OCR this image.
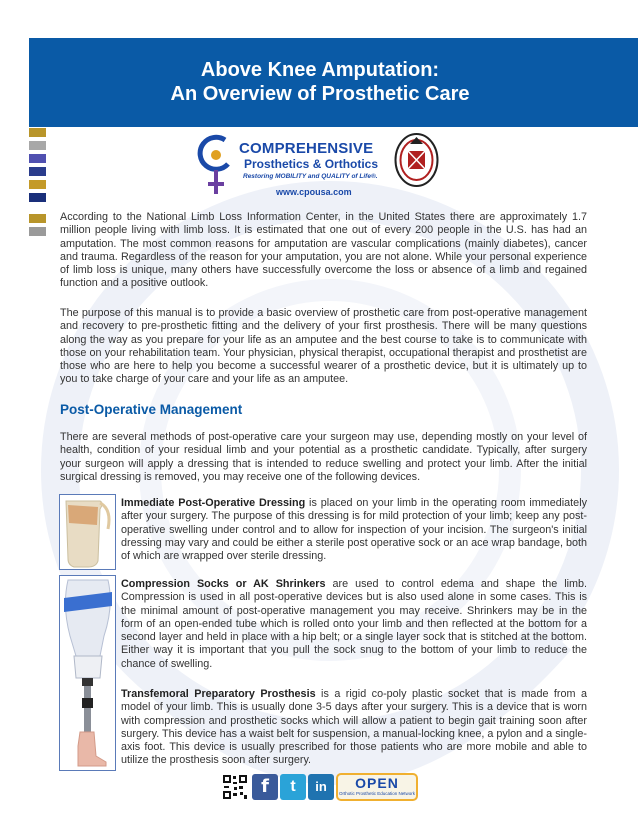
Above Knee Amputation:
An Overview of Prosthetic Care
COMPREHENSIVE
Prosthetics & Orthotics
Restoring MOBILITY and QUALITY of Life®.
www.cpousa.com
According to the National Limb Loss Information Center, in the United States there are approximately 1.7 million people living with limb loss. It is estimated that one out of every 200 people in the U.S. has had an amputation. The most common reasons for amputation are vascular complications (mainly diabetes), cancer and trauma. Regardless of the reason for your amputation, you are not alone. While your personal experience of limb loss is unique, many others have successfully overcome the loss or absence of a limb and regained function and a positive outlook.
The purpose of this manual is to provide a basic overview of prosthetic care from post-operative management and recovery to pre-prosthetic fitting and the delivery of your first prosthesis. There will be many questions along the way as you prepare for your life as an amputee and the best course to take is to communicate with those on your rehabilitation team. Your physician, physical therapist, occupational therapist and prosthetist are those who are here to help you become a successful wearer of a prosthetic device, but it is ultimately up to you to take charge of your care and your life as an amputee.
Post-Operative Management
There are several methods of post-operative care your surgeon may use, depending mostly on your level of health, condition of your residual limb and your potential as a prosthetic candidate. Typically, after surgery your surgeon will apply a dressing that is intended to reduce swelling and protect your limb. After the initial surgical dressing is removed, you may receive one of the following devices.
Immediate Post-Operative Dressing is placed on your limb in the operating room immediately after your surgery. The purpose of this dressing is for mild protection of your limb; keep any post-operative swelling under control and to allow for inspection of your incision. The surgeon's initial dressing may vary and could be either a sterile post operative sock or an ace wrap bandage, both of which are wrapped over sterile dressing.
Compression Socks or AK Shrinkers are used to control edema and shape the limb. Compression is used in all post-operative devices but is also used alone in some cases. This is the minimal amount of post-operative management you may receive. Shrinkers may be in the form of an open-ended tube which is rolled onto your limb and then reflected at the bottom for a second layer and held in place with a hip belt; or a single layer sock that is stitched at the bottom. Either way it is important that you pull the sock snug to the bottom of your limb to reduce the chance of swelling.
Transfemoral Preparatory Prosthesis is a rigid co-poly plastic socket that is made from a model of your limb. This is usually done 3-5 days after your surgery. This is a device that is worn with compression and prosthetic socks which will allow a patient to begin gait training soon after surgery. This device has a waist belt for suspension, a manual-locking knee, a pylon and a single-axis foot. This device is usually prescribed for those patients who are more mobile and able to utilize the prosthesis soon after surgery.
f	t	in	OPEN
Orthotic Prosthetic Education Network
